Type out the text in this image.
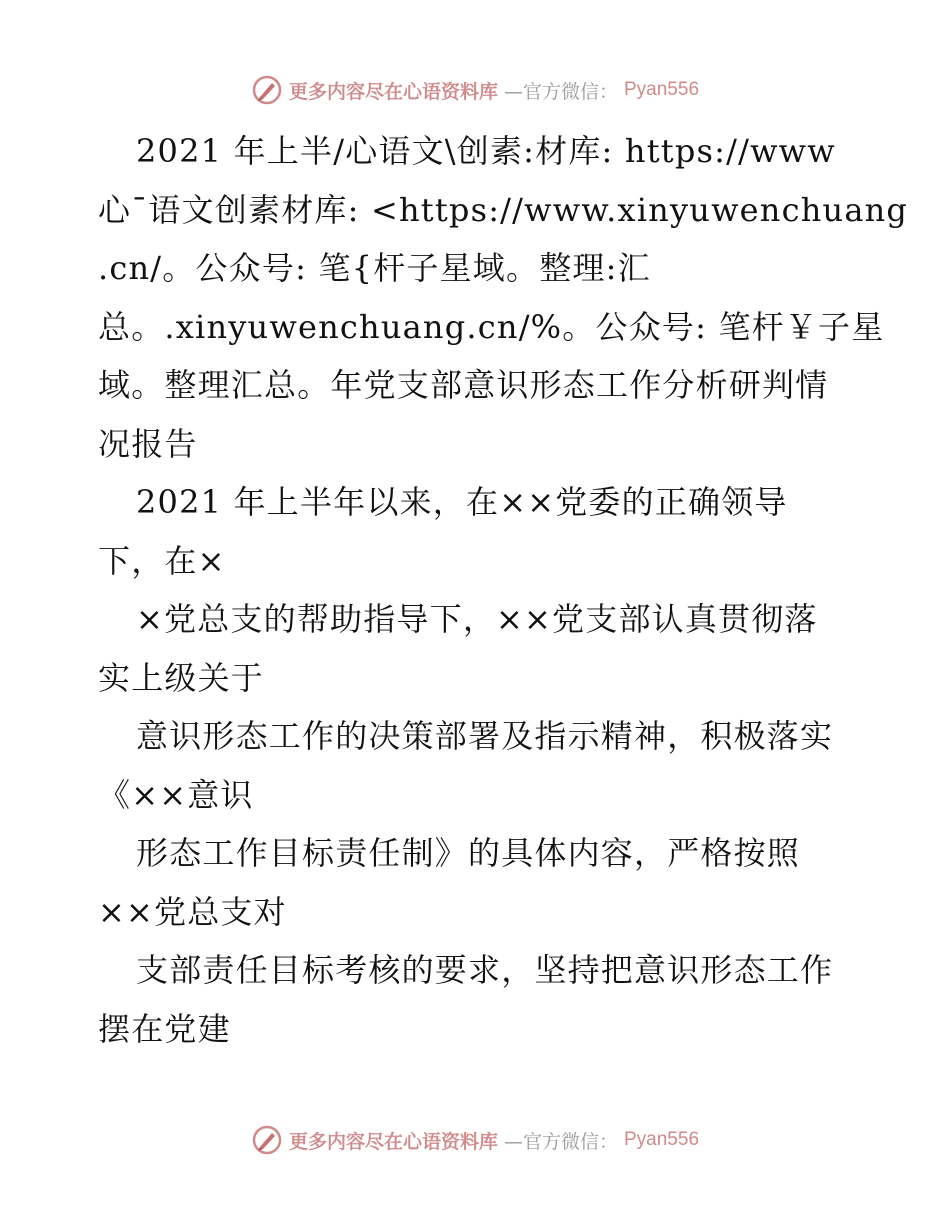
更多内容尽在心语资料库 —官方微信： Pyan556
2021 年上半/心语文\创素:材库: https://www
心¯语文创素材库: <https://www.xinyuwenchuang
.cn/。公众号: 笔{杆子星域。整理:汇
总。.xinyuwenchuang.cn/%。公众号: 笔杆￥子星
域。整理汇总。年党支部意识形态工作分析研判情
况报告
2021 年上半年以来，在××党委的正确领导
下，在×
×党总支的帮助指导下，××党支部认真贯彻落
实上级关于
意识形态工作的决策部署及指示精神，积极落实
《××意识
形态工作目标责任制》的具体内容，严格按照
××党总支对
支部责任目标考核的要求，坚持把意识形态工作
摆在党建
更多内容尽在心语资料库 —官方微信： Pyan556
